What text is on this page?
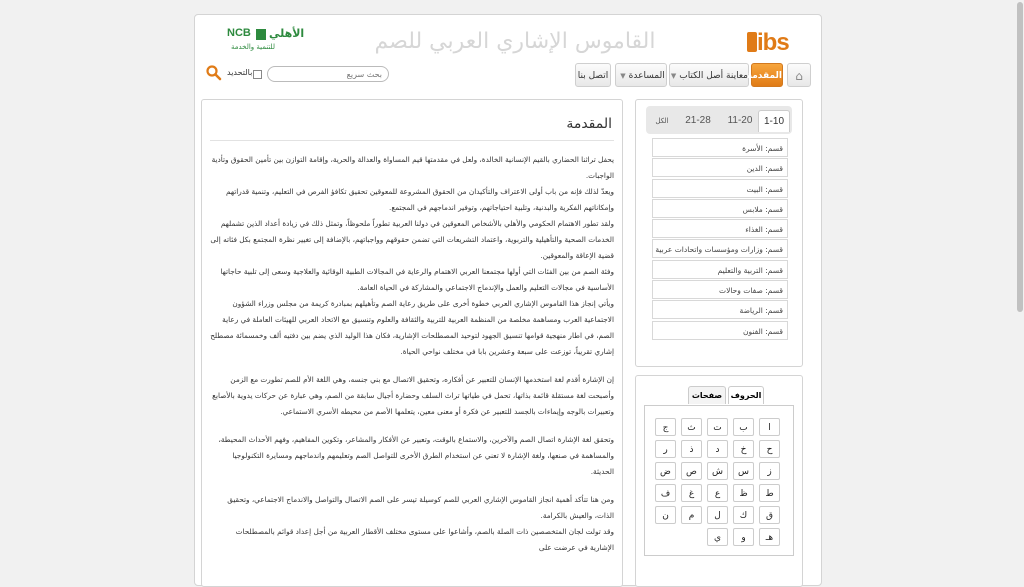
ibs
القاموس الإشاري العربي للصم
NCB الأهلي
للتنمية والخدمة
بالتحديد
بحث سريع	اتصل بنا	المساعدة▼	معاينة أصل الكتاب▼	المقدمة	⌂
المقدمة

يحفل تراثنا الحضاري بالقيم الإنسانية الخالدة، ولعل في مقدمتها قيم المساواة والعدالة والحرية، وإقامة التوازن بين تأمين الحقوق وتأدية الواجبات.

ويعدّ لذلك فإنه من باب أولى الاعتراف والتأكيدان من الحقوق المشروعة للمعوقين تحقيق تكافؤ الفرص في التعليم، وتنمية قدراتهم وإمكاناتهم الفكرية والبدنية، وتلبية احتياجاتهم، وتوفير اندماجهم في المجتمع.

ولقد تطور الاهتمام الحكومي والأهلي بالأشخاص المعوقين في دولنا العربية تطوراً ملحوظاً، وتمثل ذلك في زيادة أعداد الذين تشملهم الخدمات الصحية والتأهيلية والتربوية، واعتماد التشريعات التي تضمن حقوقهم وواجباتهم، بالإضافة إلى تغيير نظرة المجتمع بكل فئاته إلى قضية الإعاقة والمعوقين.

وفئة الصم من بين الفئات التي أولها مجتمعنا العربي الاهتمام والرعاية في المجالات الطبية الوقائية والعلاجية وسعى إلى تلبية حاجاتها الأساسية في مجالات التعليم والعمل والإندماج الاجتماعي والمشاركة في الحياة العامة.

ويأتي إنجاز هذا القاموس الإشاري العربي خطوة أخرى على طريق رعاية الصم وتأهيلهم بمبادرة كريمة من مجلس وزراء الشؤون الاجتماعية العرب ومساهمة مخلصة من المنظمة العربية للتربية والثقافة والعلوم وتنسيق مع الاتحاد العربي للهيئات العاملة في رعاية الصم، في اطار منهجية قوامها تنسيق الجهود لتوحيد المصطلحات الإشارية، فكان هذا الوليد الذي يضم بين دفتيه ألف وخمسمائة مصطلح إشاري تقريباً، توزعت على سبعة وعشرين بابا في مختلف نواحي الحياة.

إن الإشارة أقدم لغة استخدمها الإنسان للتعبير عن أفكاره، وتحقيق الاتصال مع بني جنسه، وهي اللغة الأم للصم تطورت مع الزمن وأصبحت لغة مستقلة قائمة بذاتها، تحمل في طياتها تراث السلف وحضارة أجيال سابقة من الصم، وهي عبارة عن حركات يدوية بالأصابع وتعبيرات بالوجه وإيماءات بالجسد للتعبير عن فكرة أو معنى معين، يتعلمها الأصم من محيطه الأسري الاستماعي.

وتحقق لغة الإشارة اتصال الصم والآخرين، والاستماع بالوقت، وتعبير عن الأفكار والمشاعر، وتكوين المفاهيم، وفهم الأحداث المحيطة، والمساهمة في صنعها، ولغة الإشارة لا تعني عن استخدام الطرق الأخرى للتواصل الصم وتعليمهم واندماجهم ومسايرة التكنولوجيا الحديثة.

ومن هنا تتأكد أهمية انجاز القاموس الإشاري العربي للصم كوسيلة تيسر على الصم الاتصال والتواصل والاندماج الاجتماعي، وتحقيق الذات، والعيش بالكرامة.

وقد تولت لجان المتخصصين ذات الصلة بالصم، وأشاعوا على مستوى مختلف الأقطار العربية من أجل إعداد قوائم بالمصطلحات الإشارية في عرضت على

1-10
11-20
21-28
الكل
قسم: الأسرة
قسم: الدين
قسم: البيت
قسم: ملابس
قسم: الغذاء
قسم: وزارات ومؤسسات واتحادات عربية
قسم: التربية والتعليم
قسم: صفات وحالات
قسم: الرياضة
قسم: الفنون
الحروف
صفحات
ا
ب
ت
ث
ج
ح
خ
د
ذ
ر
ز
س
ش
ص
ض
ط
ظ
ع
غ
ف
ق
ك
ل
م
ن
هـ
و
ي
